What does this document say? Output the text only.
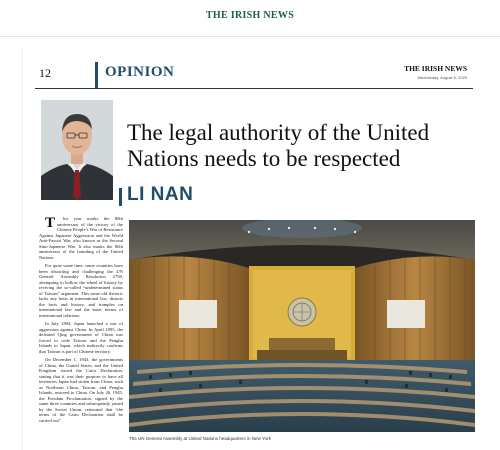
THE IRISH NEWS
12	OPINION	THE IRISH NEWS
Wednesday, August 6, 2025
The legal authority of the United Nations needs to be respected
LI NAN

T his year marks the 80th anniversary of the victory of the Chinese People’s War of Resistance Against Japanese Aggression and the World Anti-Fascist War, also known as the Second Sino-Japanese War. It also marks the 80th anniversary of the founding of the United Nations.

For quite some time, some countries have been distorting and challenging the UN General Assembly Resolution 2758, attempting to hollow the wheel of history by reviving the so-called “undetermined status of Taiwan” argument. This same old rhetoric lacks any basis in international law, distorts the facts and history, and tramples on international law and the basic norms of international relations.

In July 1894, Japan launched a war of aggression against China. In April 1895, the defeated Qing government of China was forced to cede Taiwan and the Penghu Islands to Japan, which indirectly confirms that Taiwan is part of Chinese territory.

On December 1, 1943, the governments of China, the United States, and the United Kingdom issued the Cairo Declaration, stating that it was their purpose to have all territories Japan had stolen from China, such as Northeast China, Taiwan, and Penghu Islands, restored to China. On July 26, 1945, the Potsdam Proclamation, signed by the same three countries and subsequently joined by the Soviet Union, reiterated that “the terms of the Cairo Declaration shall be carried out”.

The UN General Assembly at United Nations headquarters in New York
